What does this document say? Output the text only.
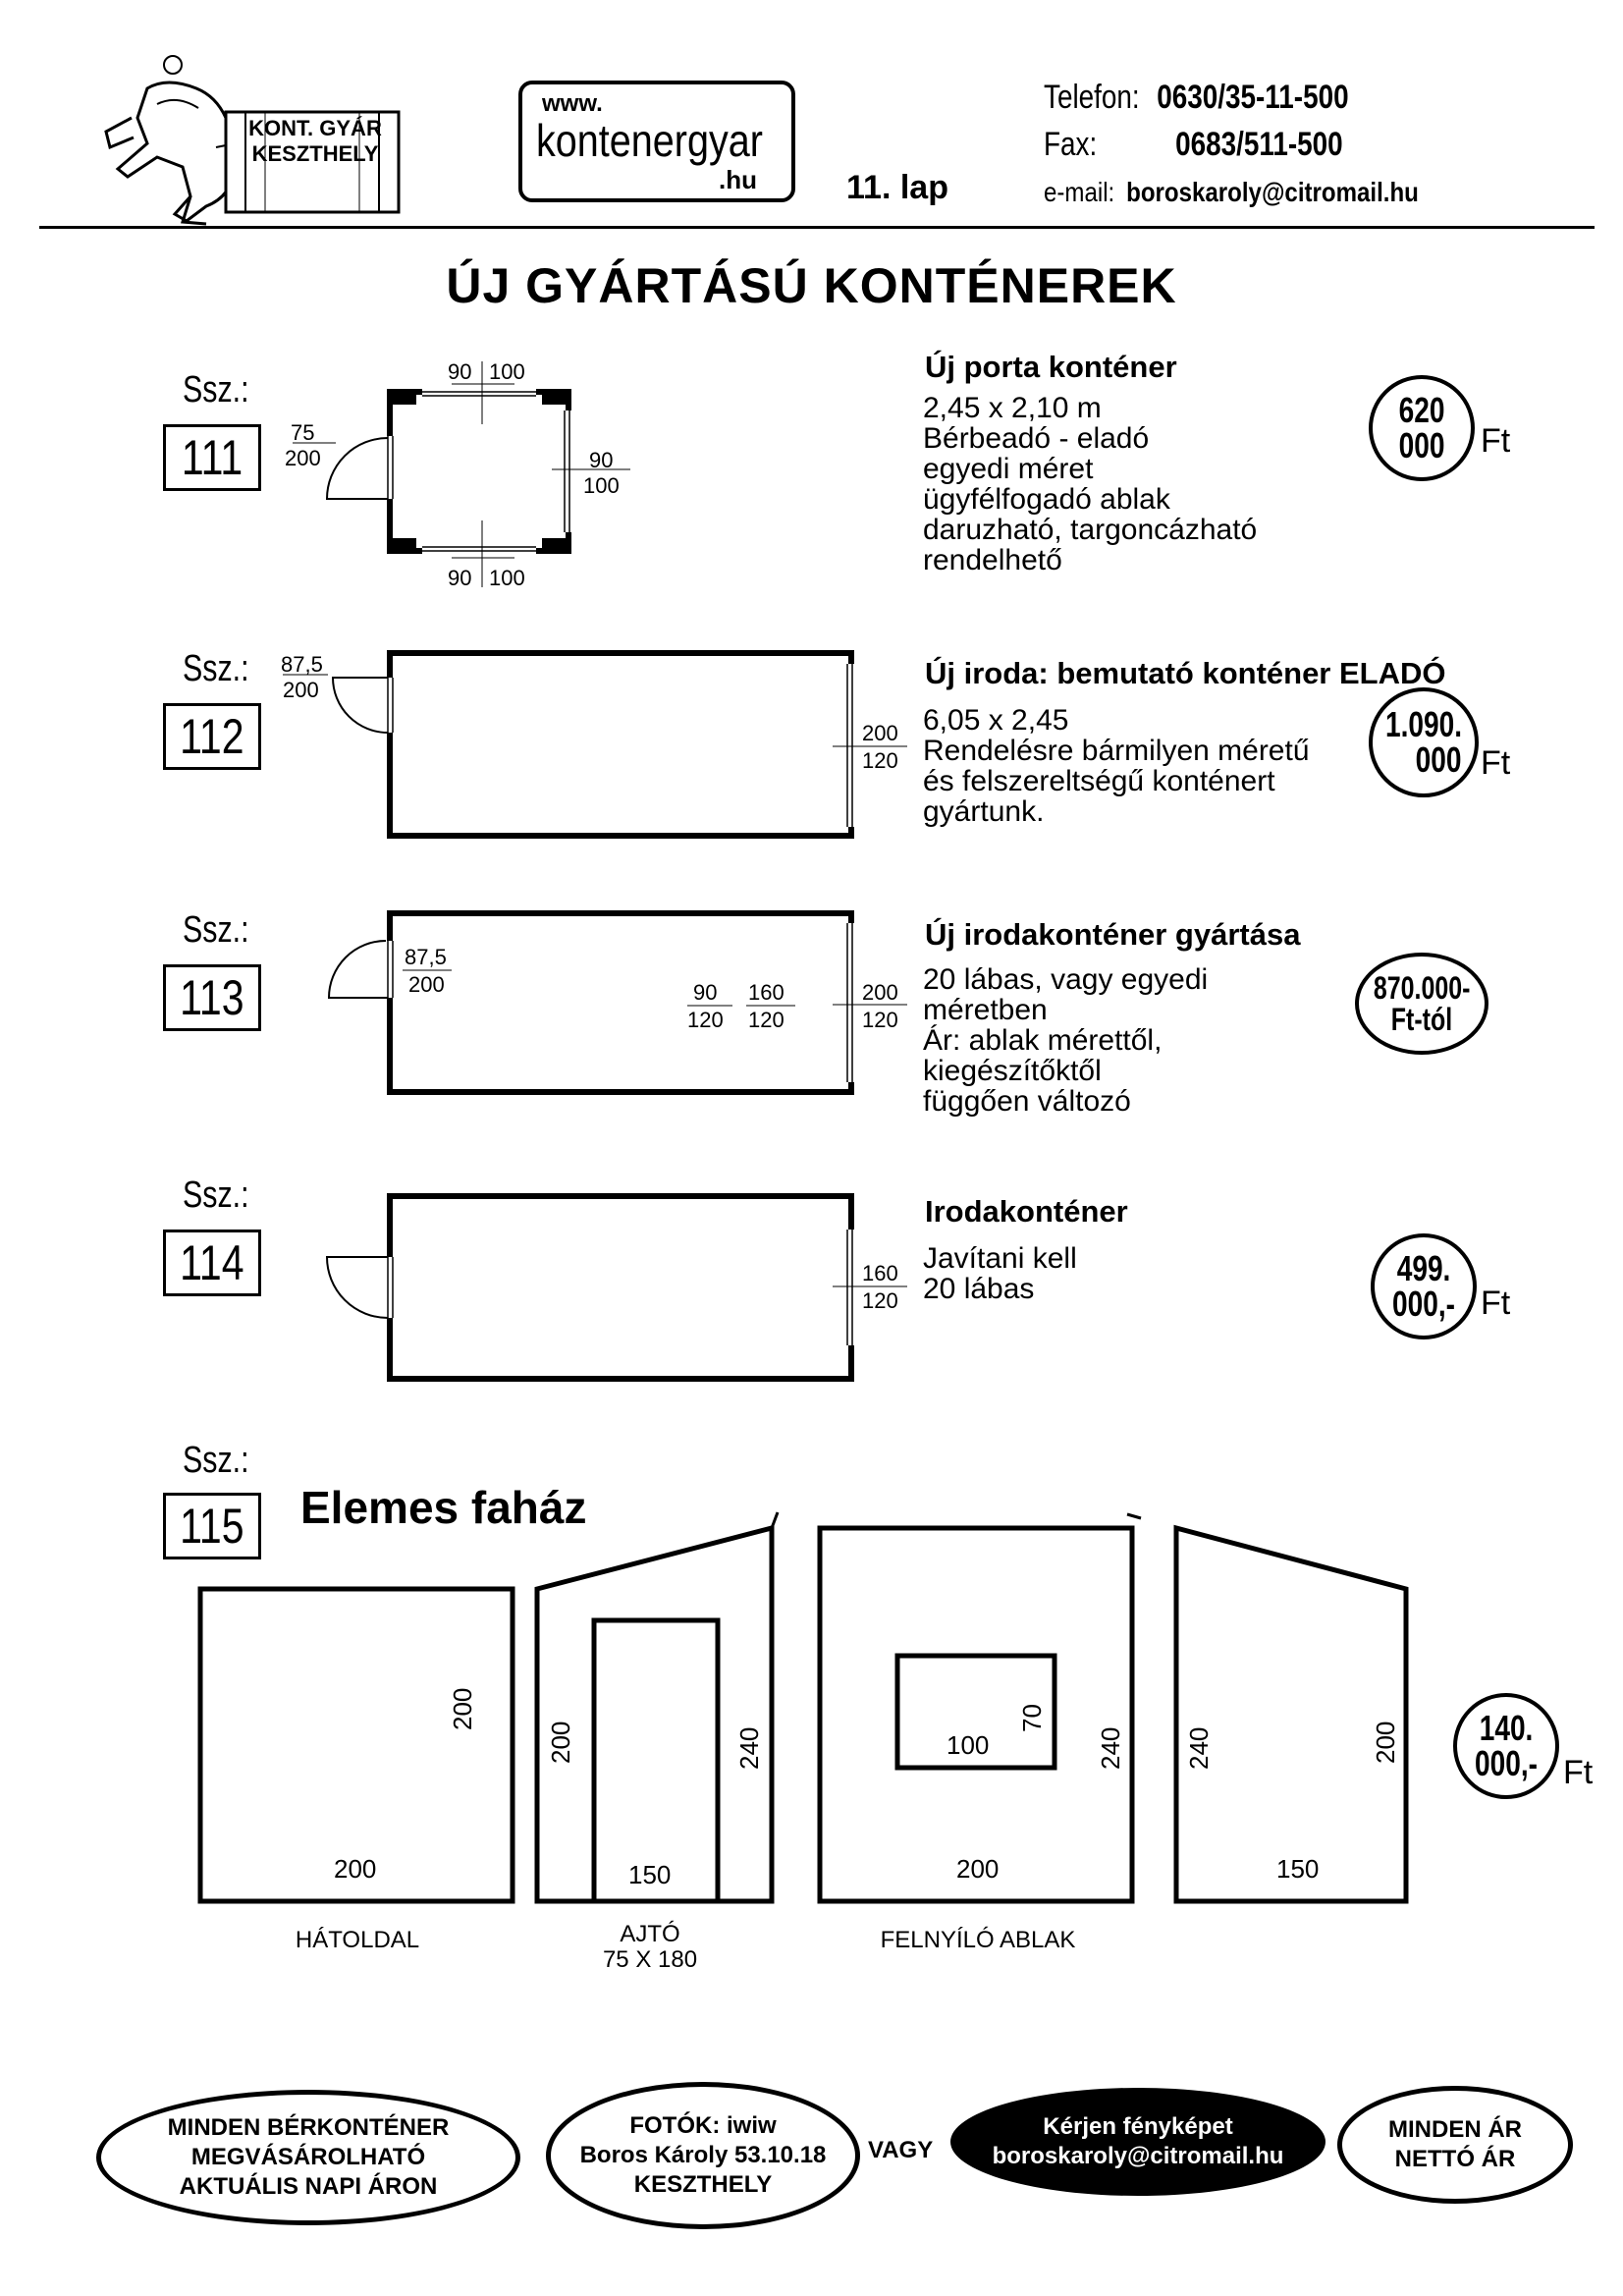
KONT. GYÁR
KESZTHELY
www.
kontenergyar
.hu	11. lap
Telefon: 0630/35-11-500
Fax: 0683/511-500
e-mail: boroskaroly@citromail.hu
ÚJ GYÁRTÁSÚ KONTÉNEREK
90 100
90 100
90
100
75
200
87,5
200
200
120
87,5
200	90
120
160
120
200
120
160
120
Ssz.:
111
Új porta konténer
2,45 x 2,10 m
Bérbeadó - eladó
egyedi méret
ügyfélfogadó ablak
daruzható, targoncázható
rendelhető
620
000 Ft
Ssz.:
112
Új iroda: bemutató konténer ELADÓ
6,05 x 2,45
Rendelésre bármilyen méretű
és felszereltségű konténert
gyártunk.
1.090.
000 Ft
Ssz.:
113
Új irodakonténer gyártása
20 lábas, vagy egyedi
méretben
Ár: ablak mérettől,
kiegészítőktől
függően változó
870.000-
Ft-tól
Ssz.:
114
Irodakonténer
Javítani kell
20 lábas
499.
000,- Ft
Ssz.:
115 Elemes faház
200
200
HÁTOLDAL
200	240
150
AJTÓ
75 X 180
100
70
240
200
FELNYÍLÓ ABLAK
240	200
150
140.
000,- Ft
MINDEN BÉRKONTÉNER
MEGVÁSÁROLHATÓ
AKTUÁLIS NAPI ÁRON
FOTÓK: iwiw
Boros Károly 53.10.18
KESZTHELY
VAGY
Kérjen fényképet
boroskaroly@citromail.hu
MINDEN ÁR
NETTÓ ÁR
